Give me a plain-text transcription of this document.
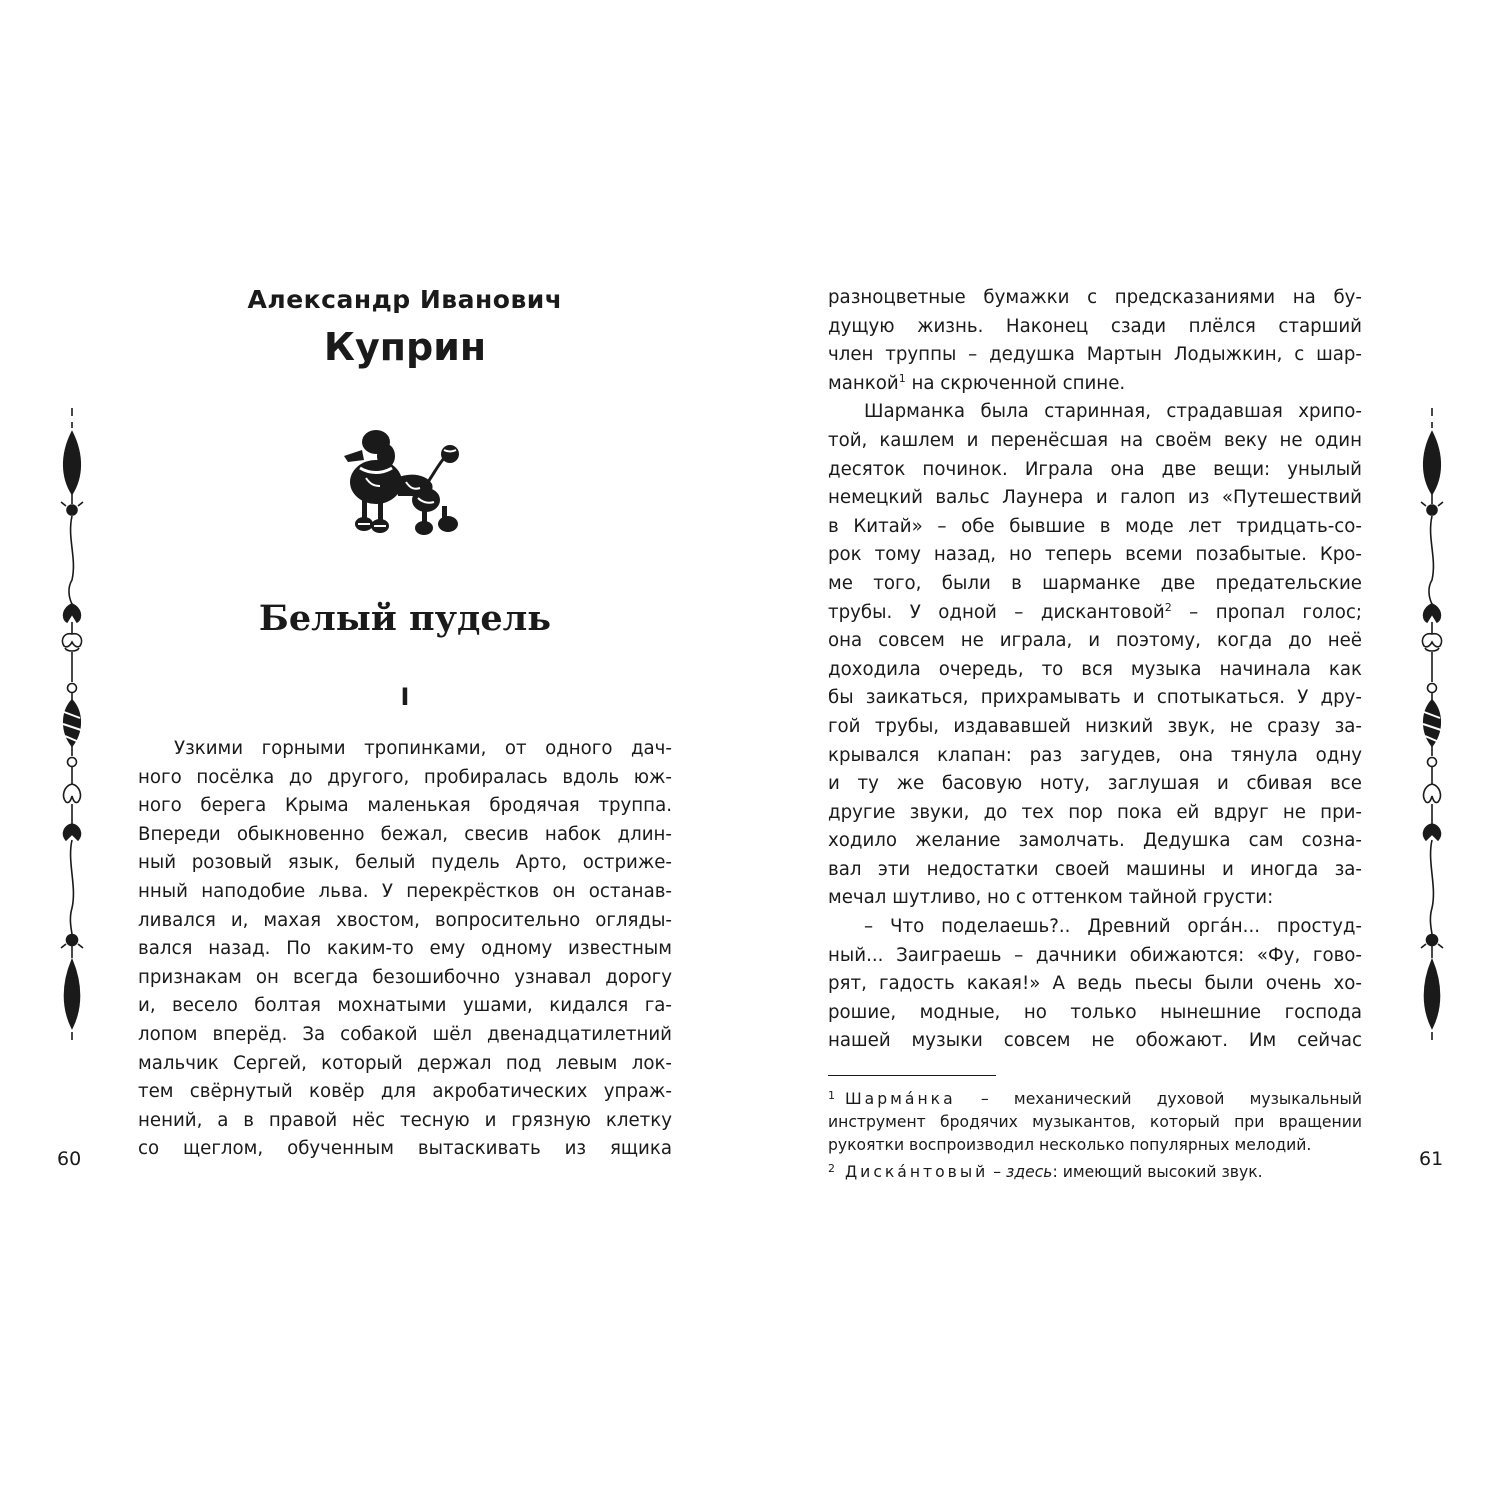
Александр Иванович

Куприн

Белый пудель

I

Узкими горными тропинками, от одного дач-
ного посёлка до другого, пробиралась вдоль юж-
ного берега Крыма маленькая бродячая труппа.
Впереди обыкновенно бежал, свесив набок длин-
ный розовый язык, белый пудель Арто, остриже-
нный наподобие льва. У перекрёстков он останав-
ливался и, махая хвостом, вопросительно огляды-
вался назад. По каким-то ему одному известным
признакам он всегда безошибочно узнавал дорогу
и, весело болтая мохнатыми ушами, кидался га-
лопом вперёд. За собакой шёл двенадцатилетний
мальчик Сергей, который держал под левым лок-
тем свёрнутый ковёр для акробатических упраж-
нений, а в правой нёс тесную и грязную клетку
со щеглом, обученным вытаскивать из ящика
разноцветные бумажки с предсказаниями на бу-
дущую жизнь. Наконец сзади плёлся старший
член труппы – дедушка Мартын Лодыжкин, с шар-
манкой$^1$ на скрюченной спине.
Шарманка была старинная, страдавшая хрипо-
той, кашлем и перенёсшая на своём веку не один
десяток починок. Играла она две вещи: унылый
немецкий вальс Лаунера и галоп из «Путешествий
в Китай» – обе бывшие в моде лет тридцать-со-
рок тому назад, но теперь всеми позабытые. Кро-
ме того, были в шарманке две предательские
трубы. У одной – дискантовой$^2$ – пропал голос;
она совсем не играла, и поэтому, когда до неё
доходила очередь, то вся музыка начинала как
бы заикаться, прихрамывать и спотыкаться. У дру-
гой трубы, издававшей низкий звук, не сразу за-
крывался клапан: раз загудев, она тянула одну
и ту же басовую ноту, заглушая и сбивая все
другие звуки, до тех пор пока ей вдруг не при-
ходило желание замолчать. Дедушка сам созна-
вал эти недостатки своей машины и иногда за-
мечал шутливо, но с оттенком тайной грусти:
– Что поделаешь?.. Древний орга́н... простуд-
ный... Заиграешь – дачники обижаются: «Фу, гово-
рят, гадость какая!» А ведь пьесы были очень хо-
рошие, модные, но только нынешние господа
нашей музыки совсем не обожают. Им сейчас
$^1$ Шарма́нка – механический духовой музыкальный
инструмент бродячих музыкантов, который при вращении
рукоятки воспроизводил несколько популярных мелодий.
$^2$ Диска́нтовый – здесь: имеющий высокий звук.
60	61
